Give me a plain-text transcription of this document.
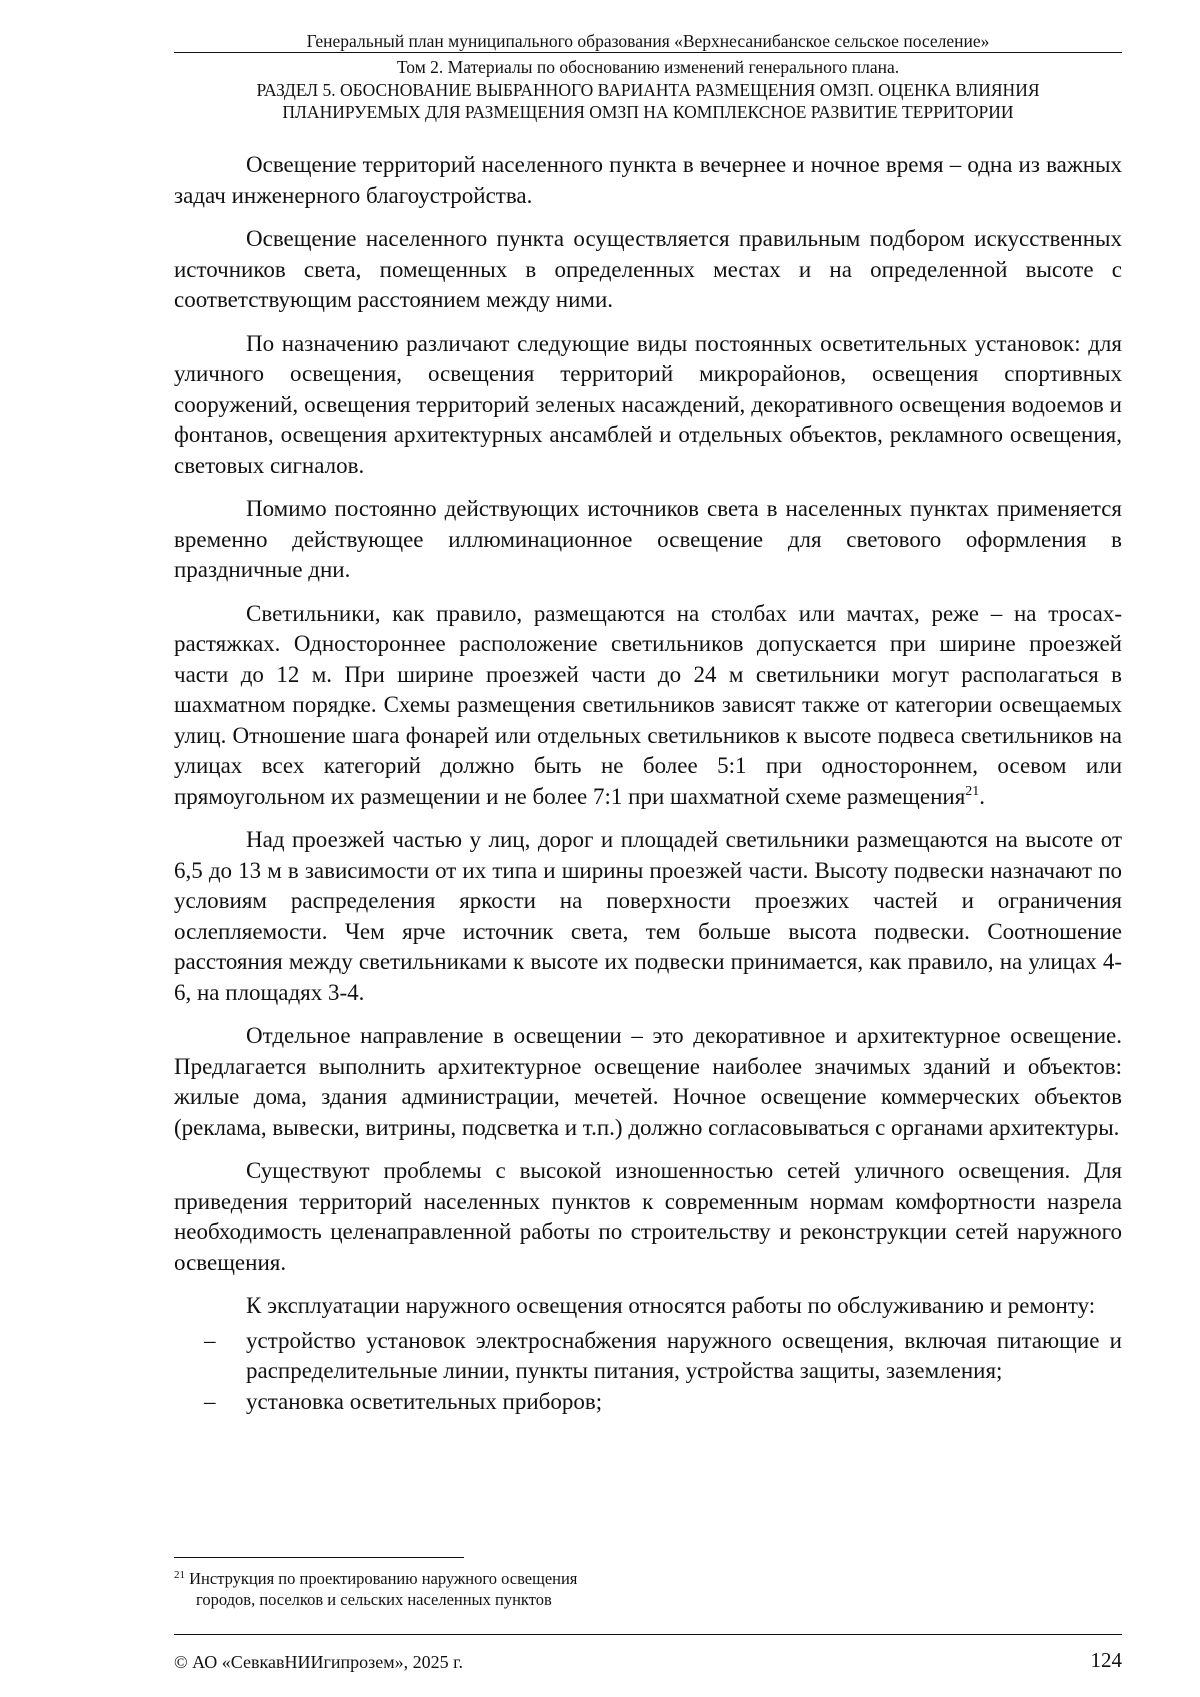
Генеральный план муниципального образования «Верхнесанибанское сельское поселение»
Том 2. Материалы по обоснованию изменений генерального плана.
РАЗДЕЛ 5. ОБОСНОВАНИЕ ВЫБРАННОГО ВАРИАНТА РАЗМЕЩЕНИЯ ОМЗП. ОЦЕНКА ВЛИЯНИЯ
ПЛАНИРУЕМЫХ ДЛЯ РАЗМЕЩЕНИЯ ОМЗП НА КОМПЛЕКСНОЕ РАЗВИТИЕ ТЕРРИТОРИИ

Освещение территорий населенного пункта в вечернее и ночное время – одна из важных задач инженерного благоустройства.

Освещение населенного пункта осуществляется правильным подбором искусственных источников света, помещенных в определенных местах и на определенной высоте с соответствующим расстоянием между ними.

По назначению различают следующие виды постоянных осветительных установок: для уличного освещения, освещения территорий микрорайонов, освещения спортивных сооружений, освещения территорий зеленых насаждений, декоративного освещения водоемов и фонтанов, освещения архитектурных ансамблей и отдельных объектов, рекламного освещения, световых сигналов.

Помимо постоянно действующих источников света в населенных пунктах применяется временно действующее иллюминационное освещение для светового оформления в праздничные дни.

Светильники, как правило, размещаются на столбах или мачтах, реже – на тросах-растяжках. Одностороннее расположение светильников допускается при ширине проезжей части до 12 м. При ширине проезжей части до 24 м светильники могут располагаться в шахматном порядке. Схемы размещения светильников зависят также от категории освещаемых улиц. Отношение шага фонарей или отдельных светильников к высоте подвеса светильников на улицах всех категорий должно быть не более 5:1 при одностороннем, осевом или прямоугольном их размещении и не более 7:1 при шахматной схеме размещения$^{21}$.

Над проезжей частью у лиц, дорог и площадей светильники размещаются на высоте от 6,5 до 13 м в зависимости от их типа и ширины проезжей части. Высоту подвески назначают по условиям распределения яркости на поверхности проезжих частей и ограничения ослепляемости. Чем ярче источник света, тем больше высота подвески. Соотношение расстояния между светильниками к высоте их подвески принимается, как правило, на улицах 4-6, на площадях 3-4.

Отдельное направление в освещении – это декоративное и архитектурное освещение. Предлагается выполнить архитектурное освещение наиболее значимых зданий и объектов: жилые дома, здания администрации, мечетей. Ночное освещение коммерческих объектов (реклама, вывески, витрины, подсветка и т.п.) должно согласовываться с органами архитектуры.

Существуют проблемы с высокой изношенностью сетей уличного освещения. Для приведения территорий населенных пунктов к современным нормам комфортности назрела необходимость целенаправленной работы по строительству и реконструкции сетей наружного освещения.

К эксплуатации наружного освещения относятся работы по обслуживанию и ремонту:

– устройство установок электроснабжения наружного освещения, включая питающие и распределительные линии, пункты питания, устройства защиты, заземления;
– установка осветительных приборов;
$^{21}$ Инструкция по проектированию наружного освещения
городов, поселков и сельских населенных пунктов
© АО «СевкавНИИгипрозем», 2025 г.	124
